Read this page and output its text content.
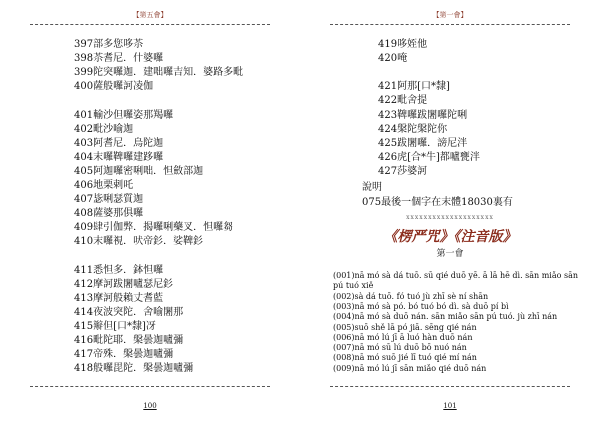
【第五會】
397部多您哆苶
398苶耆尼．什婆囉
399陀突囉迦．建咄囉吉知．婆路多毗
400薩般囉訶凌伽
401輸沙但囉姿那羯囉
402毗沙喻迦
403阿耆尼．烏陀迦
404末囉鞞囉建跢囉
405阿迦囉密唎咄．怛斂部迦
406地栗剌吒
407毖唎瑟質迦
408薩婆那俱囉
409肆引伽弊．揭囉唎藥叉．怛囉芻
410末囉視．吠帝釤．娑鞞釤
411悉怛多．鉢怛囉
412摩訶跋闍嚧瑟尼釤
413摩訶般賴丈耆藍
414夜波突陀．舍喻闍那
415辮但[口*隸]冴
416毗陀耶．槃曇迦嚧彌
417帝殊．槃曇迦嚧彌
418般囉毘陀．槃曇迦嚧彌
100
【第一會】
419哆姪他
420唵
421阿那[口*隸]
422毗舍提
423鞞囉跋闍囉陀唎
424槃陀槃陀你
425跋闍囉．謗尼泮
426虎[合*牛]都嚧甕泮
427莎婆訶
說明
075最後一個字在末體18030裏有
xxxxxxxxxxxxxxxxxxxx
《楞严咒》《注音版》
第一會
(001)nā mó sà dá tuō. sū qié duō yē. ā lā hē dì. sān miǎo sān
pú tuó xiě
(002)sà dá tuō. fó tuó jù zhī sè ní shān
(003)nā mó sà pó. bó tuó bó dì. sà duō pí bì
(004)nā mó sà duō nán. sān miǎo sān pú tuó. jù zhī nán
(005)suō shě lā pó jiā. sēng qié nán
(006)nā mó lú jī ā luó hàn duō nán
(007)nā mó sū lú duō bō nuó nán
(008)nā mó suō jié lī tuó qié mí nán
(009)nā mó lú jī sān miǎo qié duō nán
101
